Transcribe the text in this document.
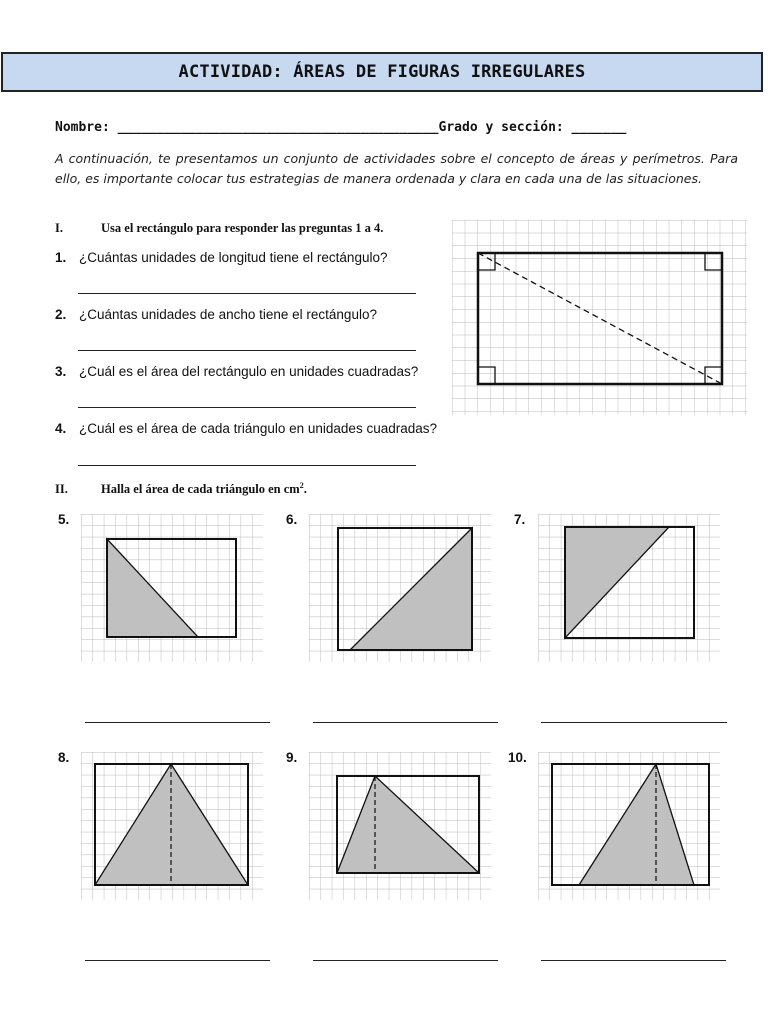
ACTIVIDAD: ÁREAS DE FIGURAS IRREGULARES
Nombre: _________________________________________Grado y sección: _______
A continuación, te presentamos un conjunto de actividades sobre el concepto de áreas y perímetros. Para ello, es importante colocar tus estrategias de manera ordenada y clara en cada una de las situaciones.
I.	Usa el rectángulo para responder las preguntas 1 a 4.
1. ¿Cuántas unidades de longitud tiene el rectángulo?
2. ¿Cuántas unidades de ancho tiene el rectángulo?
3. ¿Cuál es el área del rectángulo en unidades cuadradas?
4. ¿Cuál es el área de cada triángulo en unidades cuadradas?
II.	Halla el área de cada triángulo en $cm^2$.
5.	6.	7.
8.	9.	10.
